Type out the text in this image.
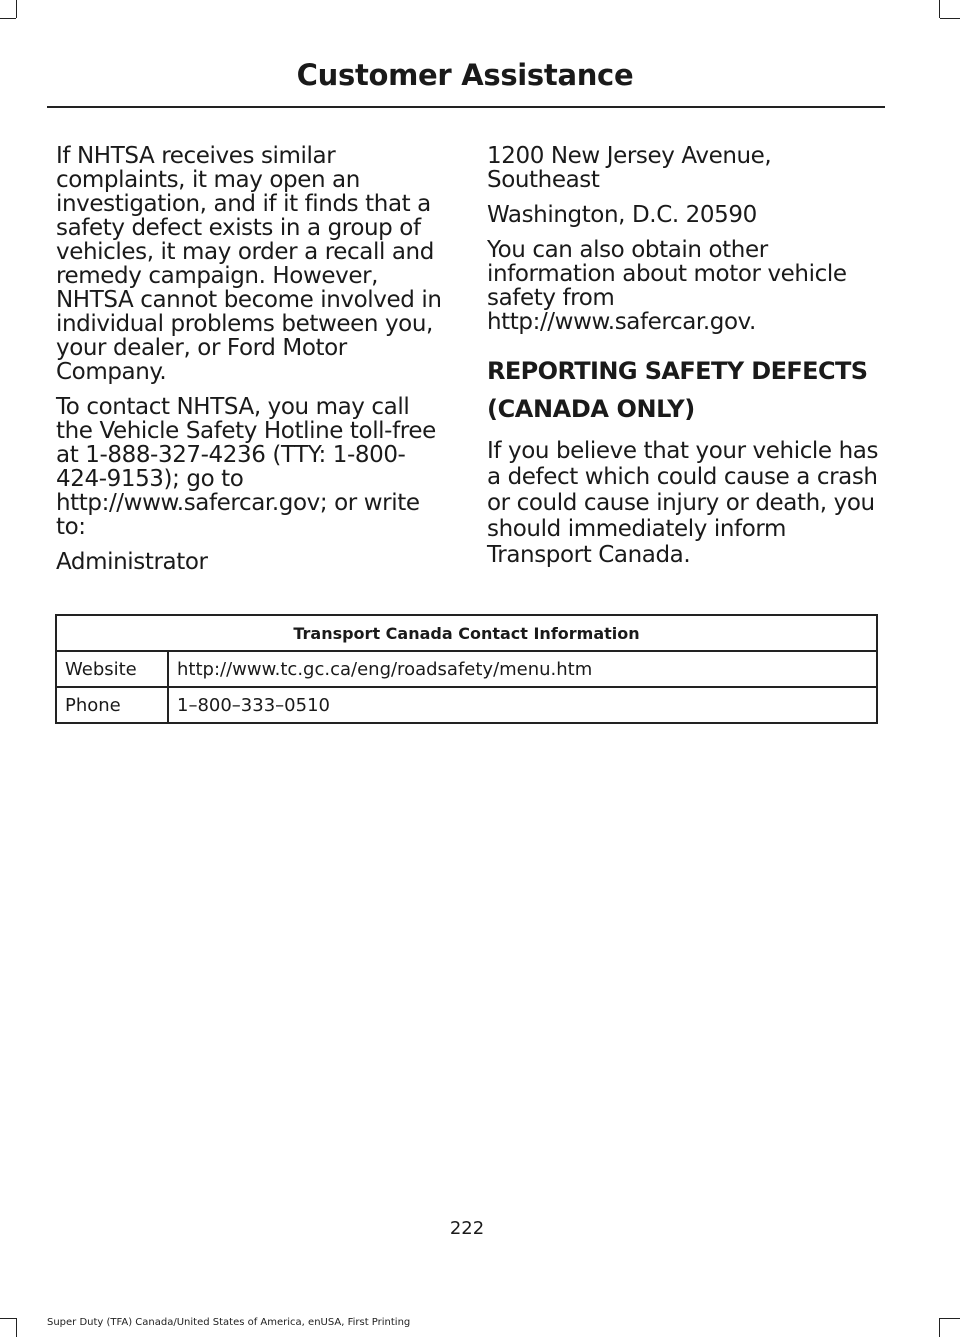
Customer Assistance

If NHTSA receives similar complaints, it may open an investigation, and if it finds that a safety defect exists in a group of vehicles, it may order a recall and remedy campaign. However, NHTSA cannot become involved in individual problems between you, your dealer, or Ford Motor Company.

To contact NHTSA, you may call the Vehicle Safety Hotline toll-free at 1-888-327-4236 (TTY: 1-800-424-9153); go to http://www.safercar.gov; or write to:

Administrator

1200 New Jersey Avenue, Southeast

Washington, D.C. 20590

You can also obtain other information about motor vehicle safety from http://www.safercar.gov.

REPORTING SAFETY DEFECTS
(CANADA ONLY)

If you believe that your vehicle has a defect which could cause a crash or could cause injury or death, you should immediately inform Transport Canada.

Transport Canada Contact Information	
Website	http://www.tc.gc.ca/eng/roadsafety/menu.htm
Phone	1–800–333–0510
222
Super Duty (TFA) Canada/United States of America, enUSA, First Printing
